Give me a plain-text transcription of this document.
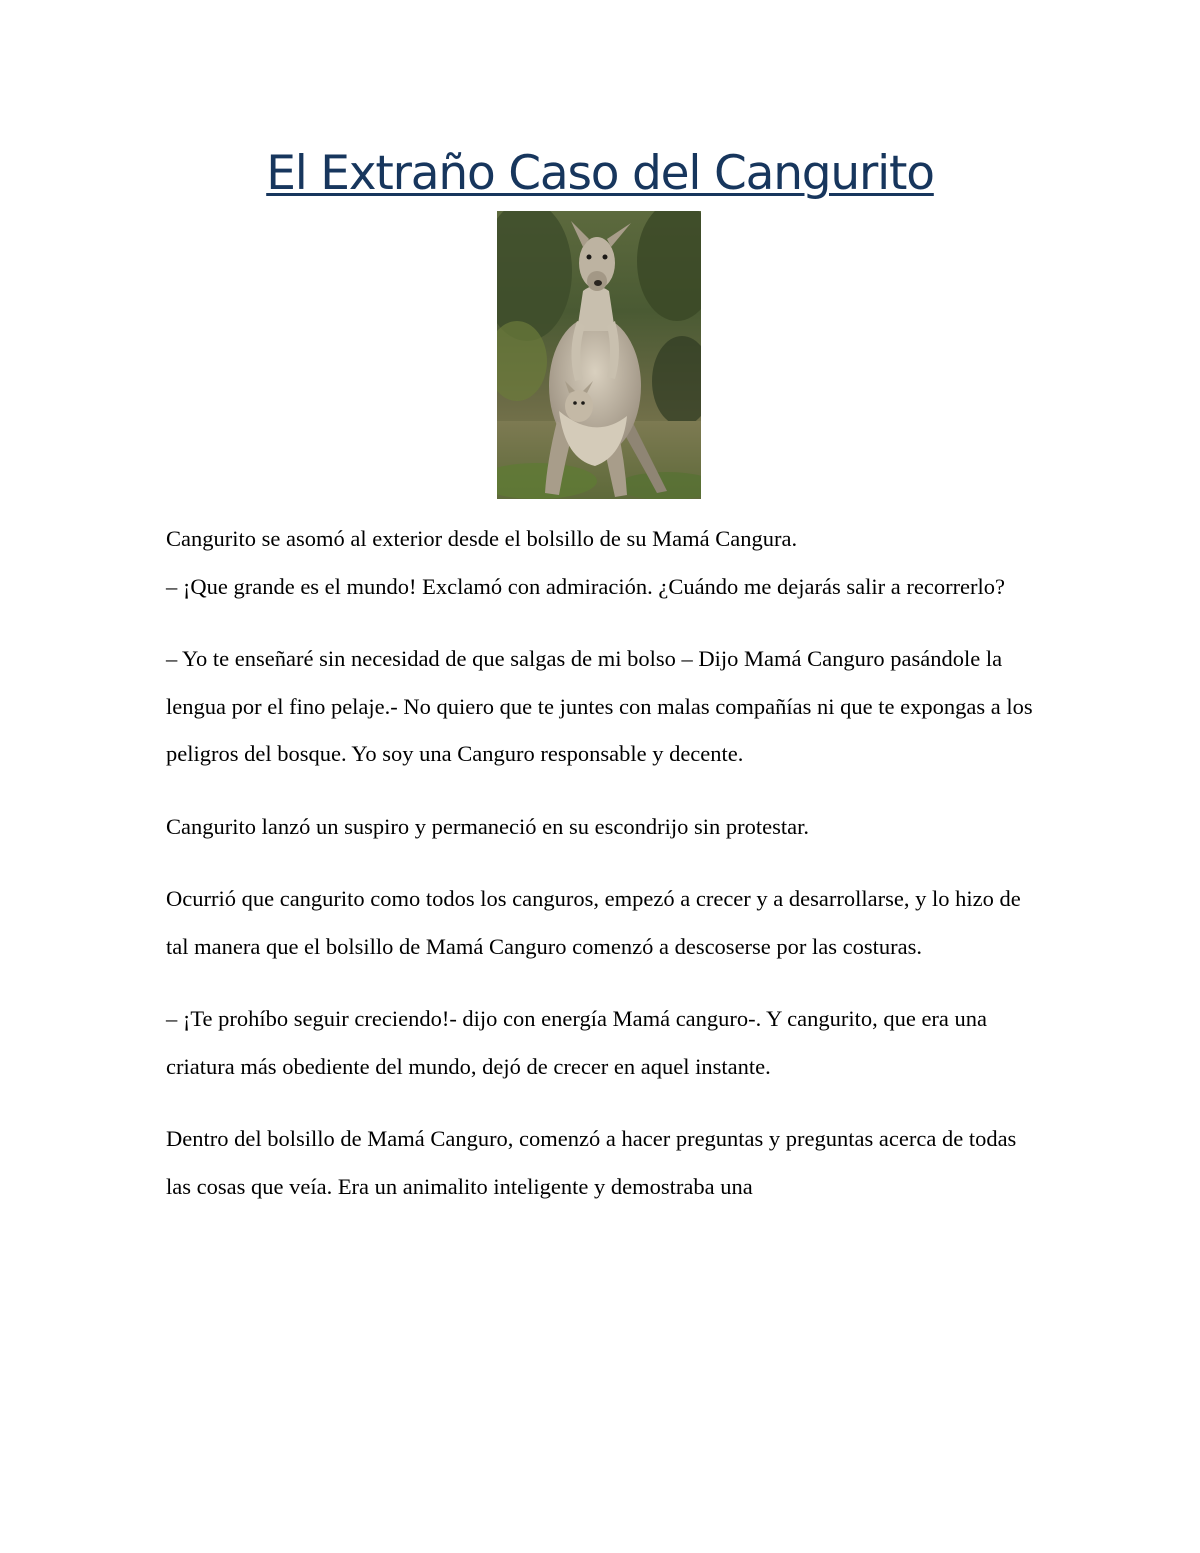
El Extraño Caso del Cangurito

Cangurito se asomó al exterior desde el bolsillo de su Mamá Cangura.
– ¡Que grande es el mundo! Exclamó con admiración. ¿Cuándo me dejarás salir a recorrerlo?

– Yo te enseñaré sin necesidad de que salgas de mi bolso – Dijo Mamá Canguro pasándole la lengua por el fino pelaje.- No quiero que te juntes con malas compañías ni que te expongas a los peligros del bosque. Yo soy una Canguro responsable y decente.

Cangurito lanzó un suspiro y permaneció en su escondrijo sin protestar.

Ocurrió que cangurito como todos los canguros, empezó a crecer y a desarrollarse, y lo hizo de tal manera que el bolsillo de Mamá Canguro comenzó a descoserse por las costuras.

– ¡Te prohíbo seguir creciendo!- dijo con energía Mamá canguro-. Y cangurito, que era una criatura más obediente del mundo, dejó de crecer en aquel instante.

Dentro del bolsillo de Mamá Canguro, comenzó a hacer preguntas y preguntas acerca de todas las cosas que veía. Era un animalito inteligente y demostraba una
